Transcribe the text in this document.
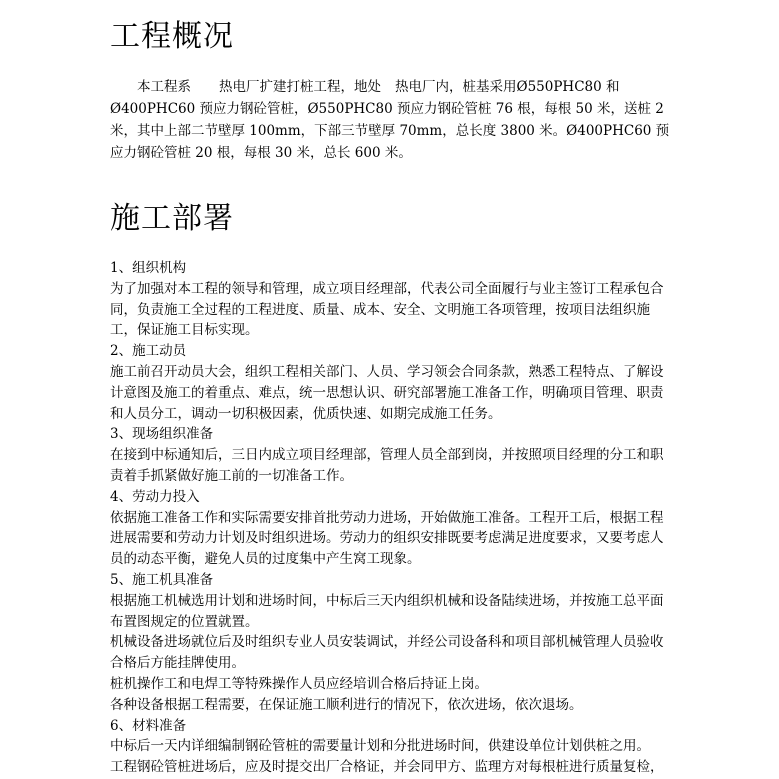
工程概况

本工程系 热电厂扩建打桩工程，地处 热电厂内，桩基采用Ø550PHC80 和Ø400PHC60 预应力钢砼管桩，Ø550PHC80 预应力钢砼管桩 76 根，每根 50 米，送桩 2 米，其中上部二节壁厚 100mm，下部三节壁厚 70mm，总长度 3800 米。Ø400PHC60 预应力钢砼管桩 20 根，每根 30 米，总长 600 米。

施工部署

1、组织机构

为了加强对本工程的领导和管理，成立项目经理部，代表公司全面履行与业主签订工程承包合同，负责施工全过程的工程进度、质量、成本、安全、文明施工各项管理，按项目法组织施工，保证施工目标实现。

2、施工动员

施工前召开动员大会，组织工程相关部门、人员、学习领会合同条款，熟悉工程特点、了解设计意图及施工的着重点、难点，统一思想认识、研究部署施工准备工作，明确项目管理、职责和人员分工，调动一切积极因素，优质快速、如期完成施工任务。

3、现场组织准备

在接到中标通知后，三日内成立项目经理部，管理人员全部到岗，并按照项目经理的分工和职责着手抓紧做好施工前的一切准备工作。

4、劳动力投入

依据施工准备工作和实际需要安排首批劳动力进场，开始做施工准备。工程开工后，根据工程进展需要和劳动力计划及时组织进场。劳动力的组织安排既要考虑满足进度要求，又要考虑人员的动态平衡，避免人员的过度集中产生窝工现象。

5、施工机具准备

根据施工机械选用计划和进场时间，中标后三天内组织机械和设备陆续进场，并按施工总平面布置图规定的位置就置。

机械设备进场就位后及时组织专业人员安装调试，并经公司设备科和项目部机械管理人员验收合格后方能挂牌使用。

桩机操作工和电焊工等特殊操作人员应经培训合格后持证上岗。

各种设备根据工程需要，在保证施工顺利进行的情况下，依次进场，依次退场。

6、材料准备

中标后一天内详细编制钢砼管桩的需要量计划和分批进场时间，供建设单位计划供桩之用。

工程钢砼管桩进场后，应及时提交出厂合格证，并会同甲方、监理方对每根桩进行质量复检，
